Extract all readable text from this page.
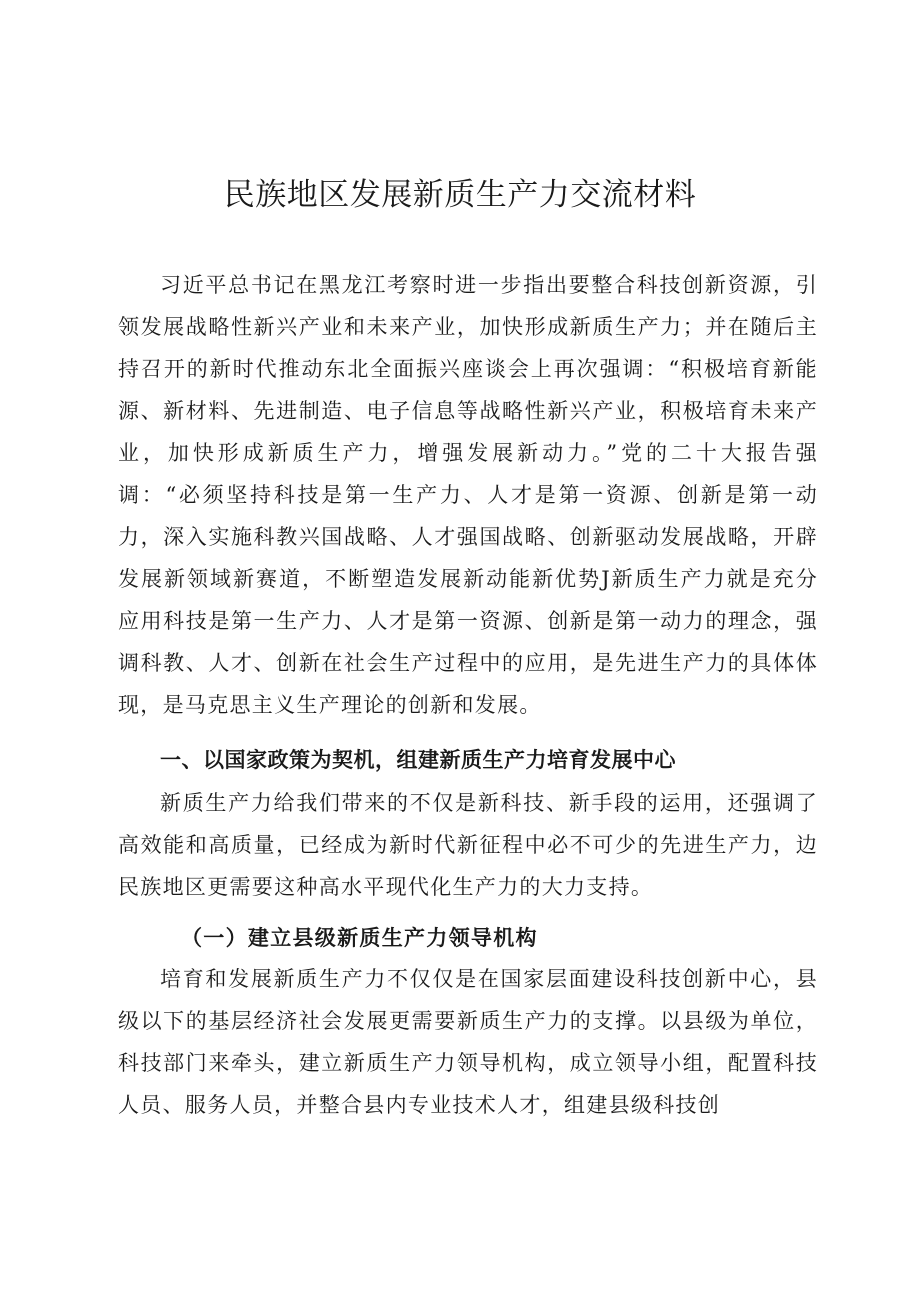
民族地区发展新质生产力交流材料

习近平总书记在黑龙江考察时进一步指出要整合科技创新资源，引领发展战略性新兴产业和未来产业，加快形成新质生产力；并在随后主持召开的新时代推动东北全面振兴座谈会上再次强调：“积极培育新能源、新材料、先进制造、电子信息等战略性新兴产业，积极培育未来产业，加快形成新质生产力，增强发展新动力。”党的二十大报告强调：“必须坚持科技是第一生产力、人才是第一资源、创新是第一动力，深入实施科教兴国战略、人才强国战略、创新驱动发展战略，开辟发展新领域新赛道，不断塑造发展新动能新优势J新质生产力就是充分应用科技是第一生产力、人才是第一资源、创新是第一动力的理念，强调科教、人才、创新在社会生产过程中的应用，是先进生产力的具体体现，是马克思主义生产理论的创新和发展。

一、以国家政策为契机，组建新质生产力培育发展中心

新质生产力给我们带来的不仅是新科技、新手段的运用，还强调了高效能和高质量，已经成为新时代新征程中必不可少的先进生产力，边民族地区更需要这种高水平现代化生产力的大力支持。

（一）建立县级新质生产力领导机构

培育和发展新质生产力不仅仅是在国家层面建设科技创新中心，县级以下的基层经济社会发展更需要新质生产力的支撑。以县级为单位，科技部门来牵头，建立新质生产力领导机构，成立领导小组，配置科技人员、服务人员，并整合县内专业技术人才，组建县级科技创
